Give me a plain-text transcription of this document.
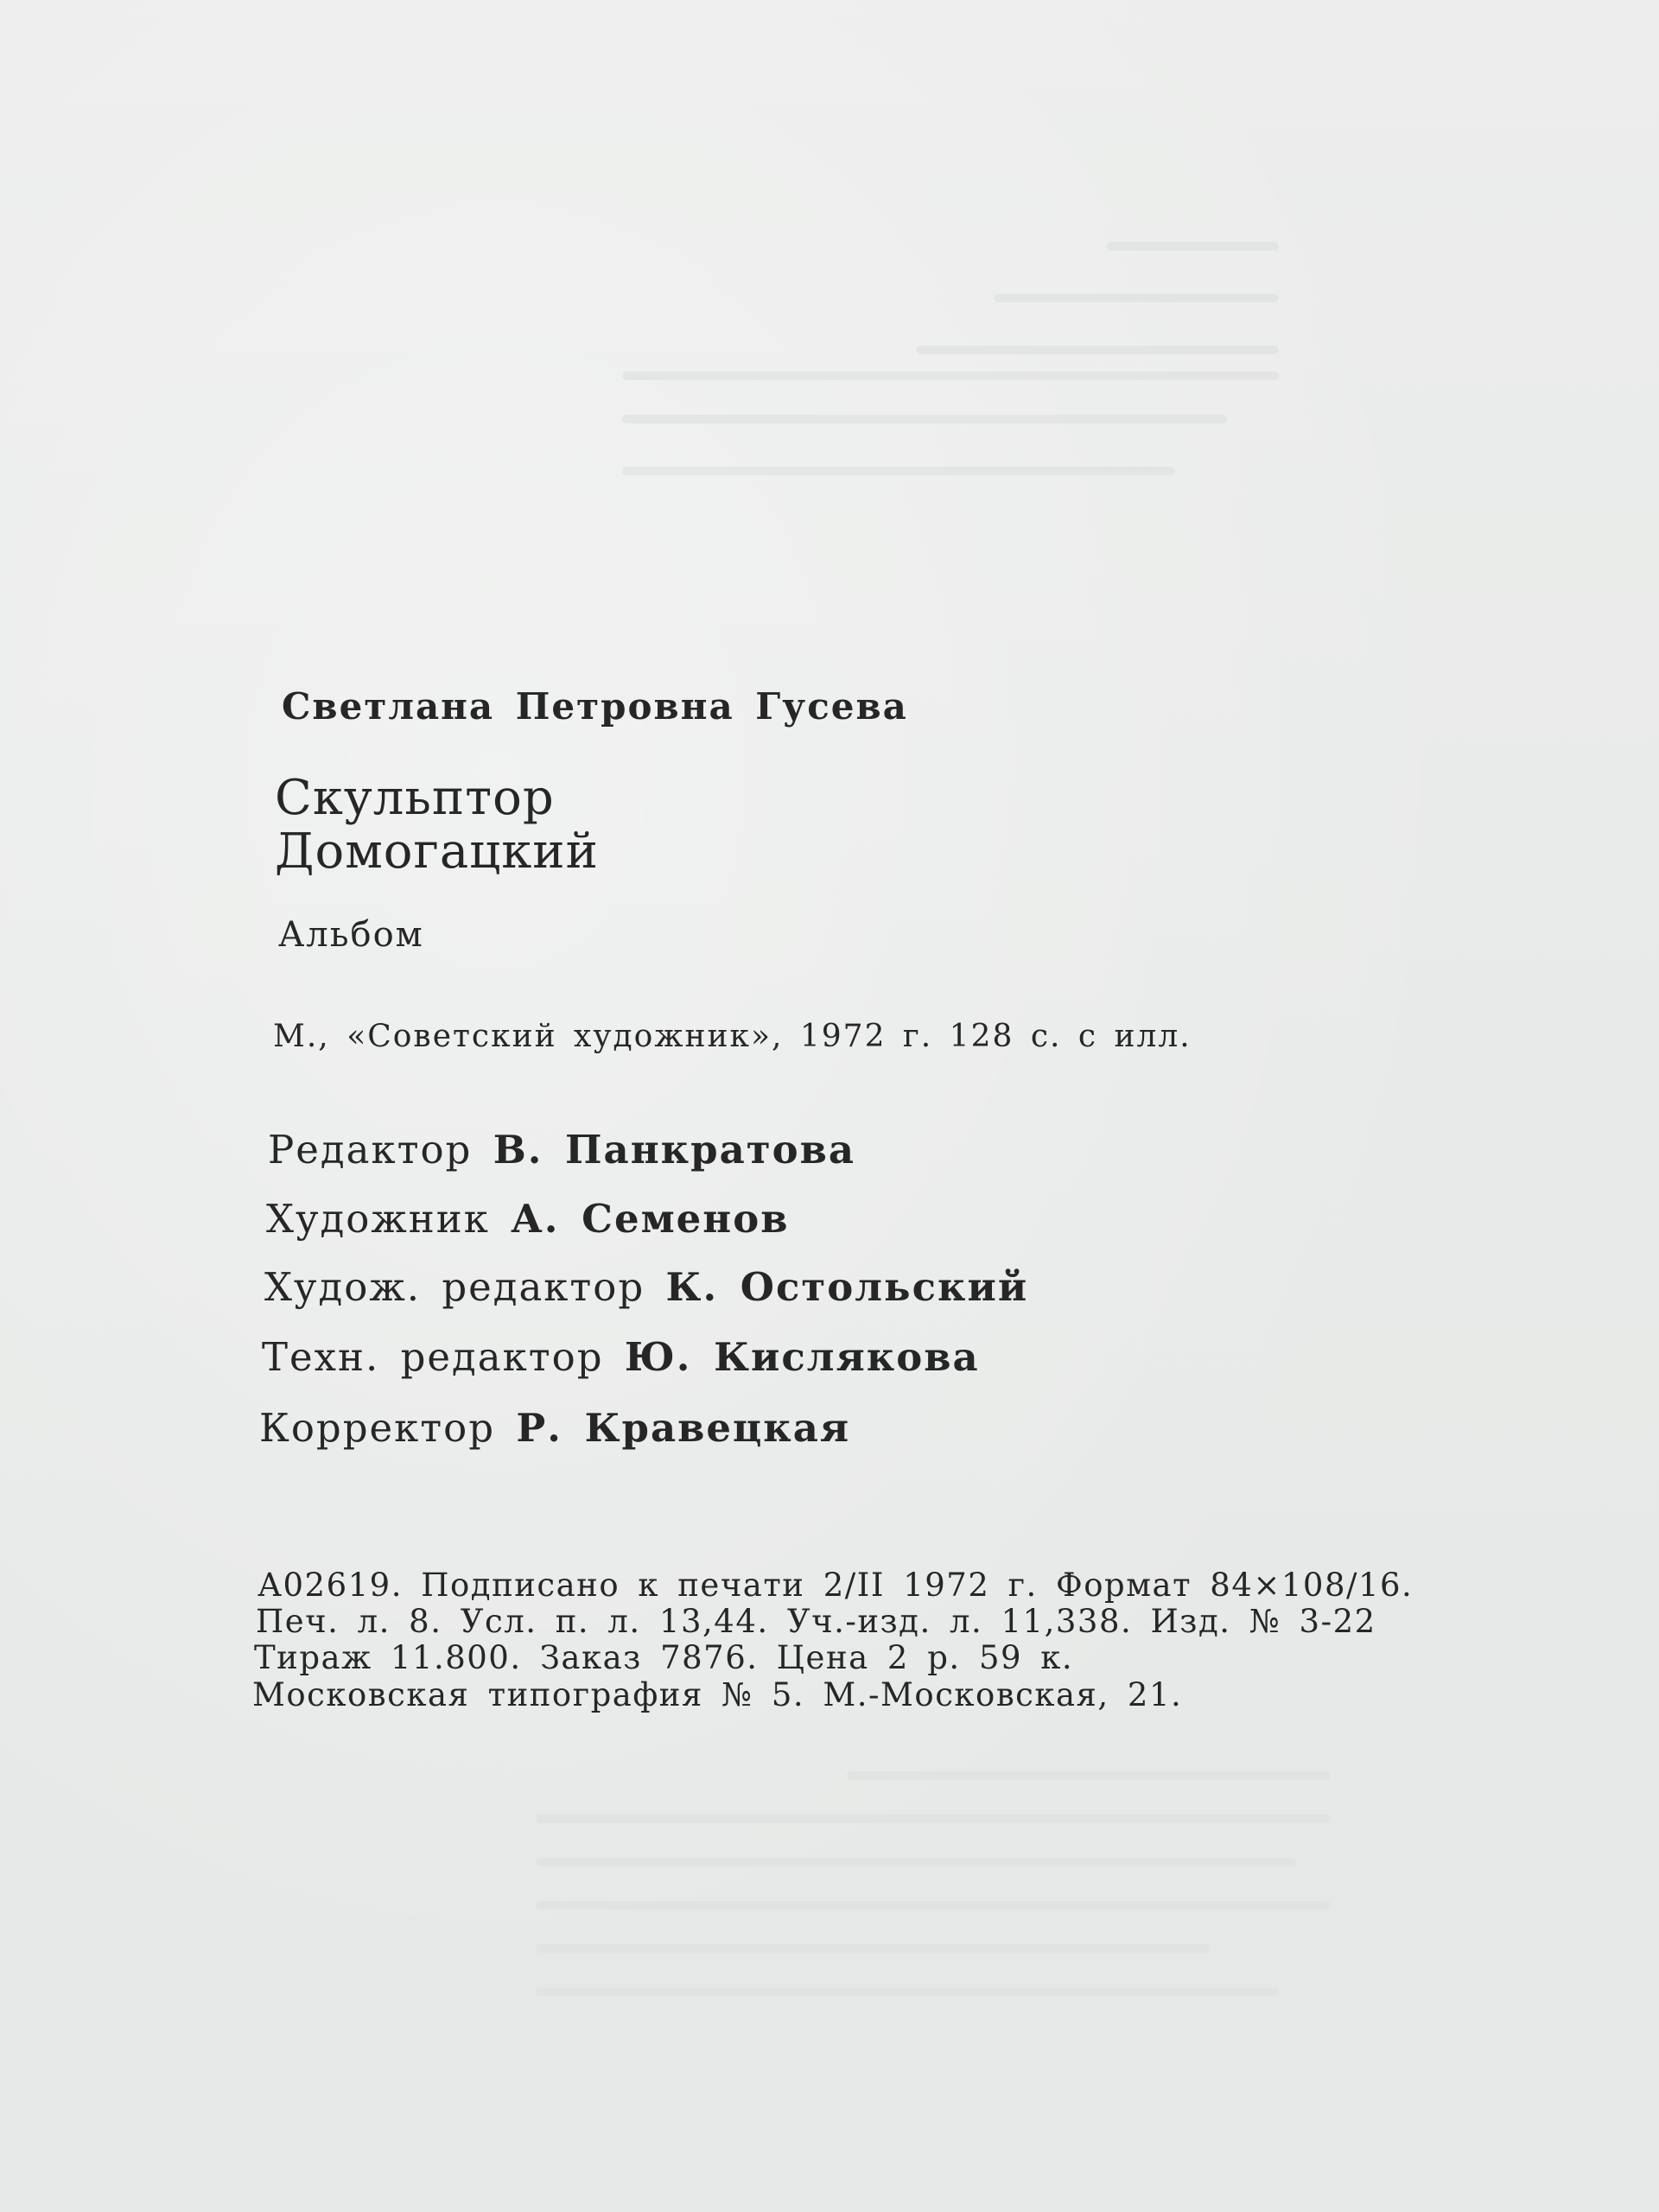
Светлана Петровна Гусева

Скульптор

Домогацкий

Альбом

М., «Советский художник», 1972 г. 128 с. с илл.

Редактор В. Панкратова

Художник А. Семенов

Худож. редактор К. Остольский

Техн. редактор Ю. Кислякова

Корректор Р. Кравецкая

А02619. Подписано к печати 2/II 1972 г. Формат 84×108/16.

Печ. л. 8. Усл. п. л. 13,44. Уч.-изд. л. 11,338. Изд. № 3-22

Тираж 11.800. Заказ 7876. Цена 2 р. 59 к.

Московская типография № 5. М.-Московская, 21.
